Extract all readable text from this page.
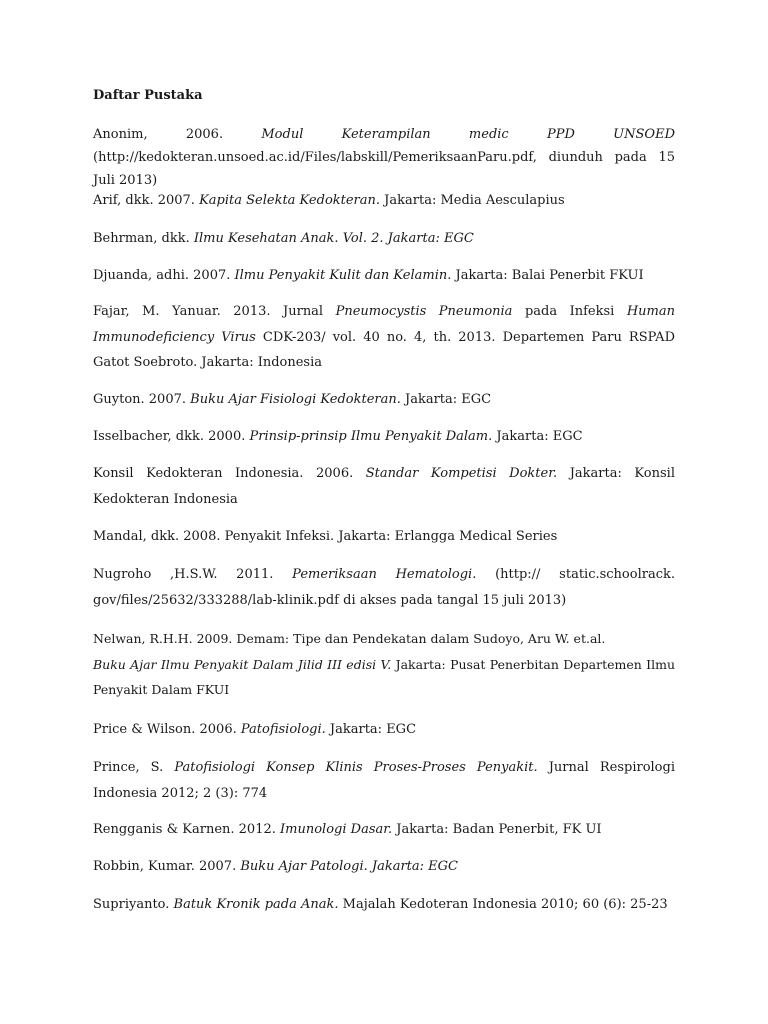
Daftar Pustaka
Anonim, 2006. Modul Keterampilan medic PPD UNSOED (http://kedokteran.unsoed.ac.id/Files/labskill/PemeriksaanParu.pdf, diunduh pada 15 Juli 2013)
Arif, dkk. 2007. Kapita Selekta Kedokteran. Jakarta: Media Aesculapius
Behrman, dkk. Ilmu Kesehatan Anak. Vol. 2. Jakarta: EGC
Djuanda, adhi. 2007. Ilmu Penyakit Kulit dan Kelamin. Jakarta: Balai Penerbit FKUI
Fajar, M. Yanuar. 2013. Jurnal Pneumocystis Pneumonia pada Infeksi Human Immunodeficiency Virus CDK-203/ vol. 40 no. 4, th. 2013. Departemen Paru RSPAD Gatot Soebroto. Jakarta: Indonesia
Guyton. 2007. Buku Ajar Fisiologi Kedokteran. Jakarta: EGC
Isselbacher, dkk. 2000. Prinsip-prinsip Ilmu Penyakit Dalam. Jakarta: EGC
Konsil Kedokteran Indonesia. 2006. Standar Kompetisi Dokter. Jakarta: Konsil Kedokteran Indonesia
Mandal, dkk. 2008. Penyakit Infeksi. Jakarta: Erlangga Medical Series
Nugroho ,H.S.W. 2011. Pemeriksaan Hematologi. (http:// static.schoolrack. gov/files/25632/333288/lab-klinik.pdf di akses pada tangal 15 juli 2013)
Nelwan, R.H.H. 2009. Demam: Tipe dan Pendekatan dalam Sudoyo, Aru W. et.al.
Buku Ajar Ilmu Penyakit Dalam Jilid III edisi V. Jakarta: Pusat Penerbitan Departemen Ilmu Penyakit Dalam FKUI
Price & Wilson. 2006. Patofisiologi. Jakarta: EGC
Prince, S. Patofisiologi Konsep Klinis Proses-Proses Penyakit. Jurnal Respirologi Indonesia 2012; 2 (3): 774
Rengganis & Karnen. 2012. Imunologi Dasar. Jakarta: Badan Penerbit, FK UI
Robbin, Kumar. 2007. Buku Ajar Patologi. Jakarta: EGC
Supriyanto. Batuk Kronik pada Anak. Majalah Kedoteran Indonesia 2010; 60 (6): 25-23
